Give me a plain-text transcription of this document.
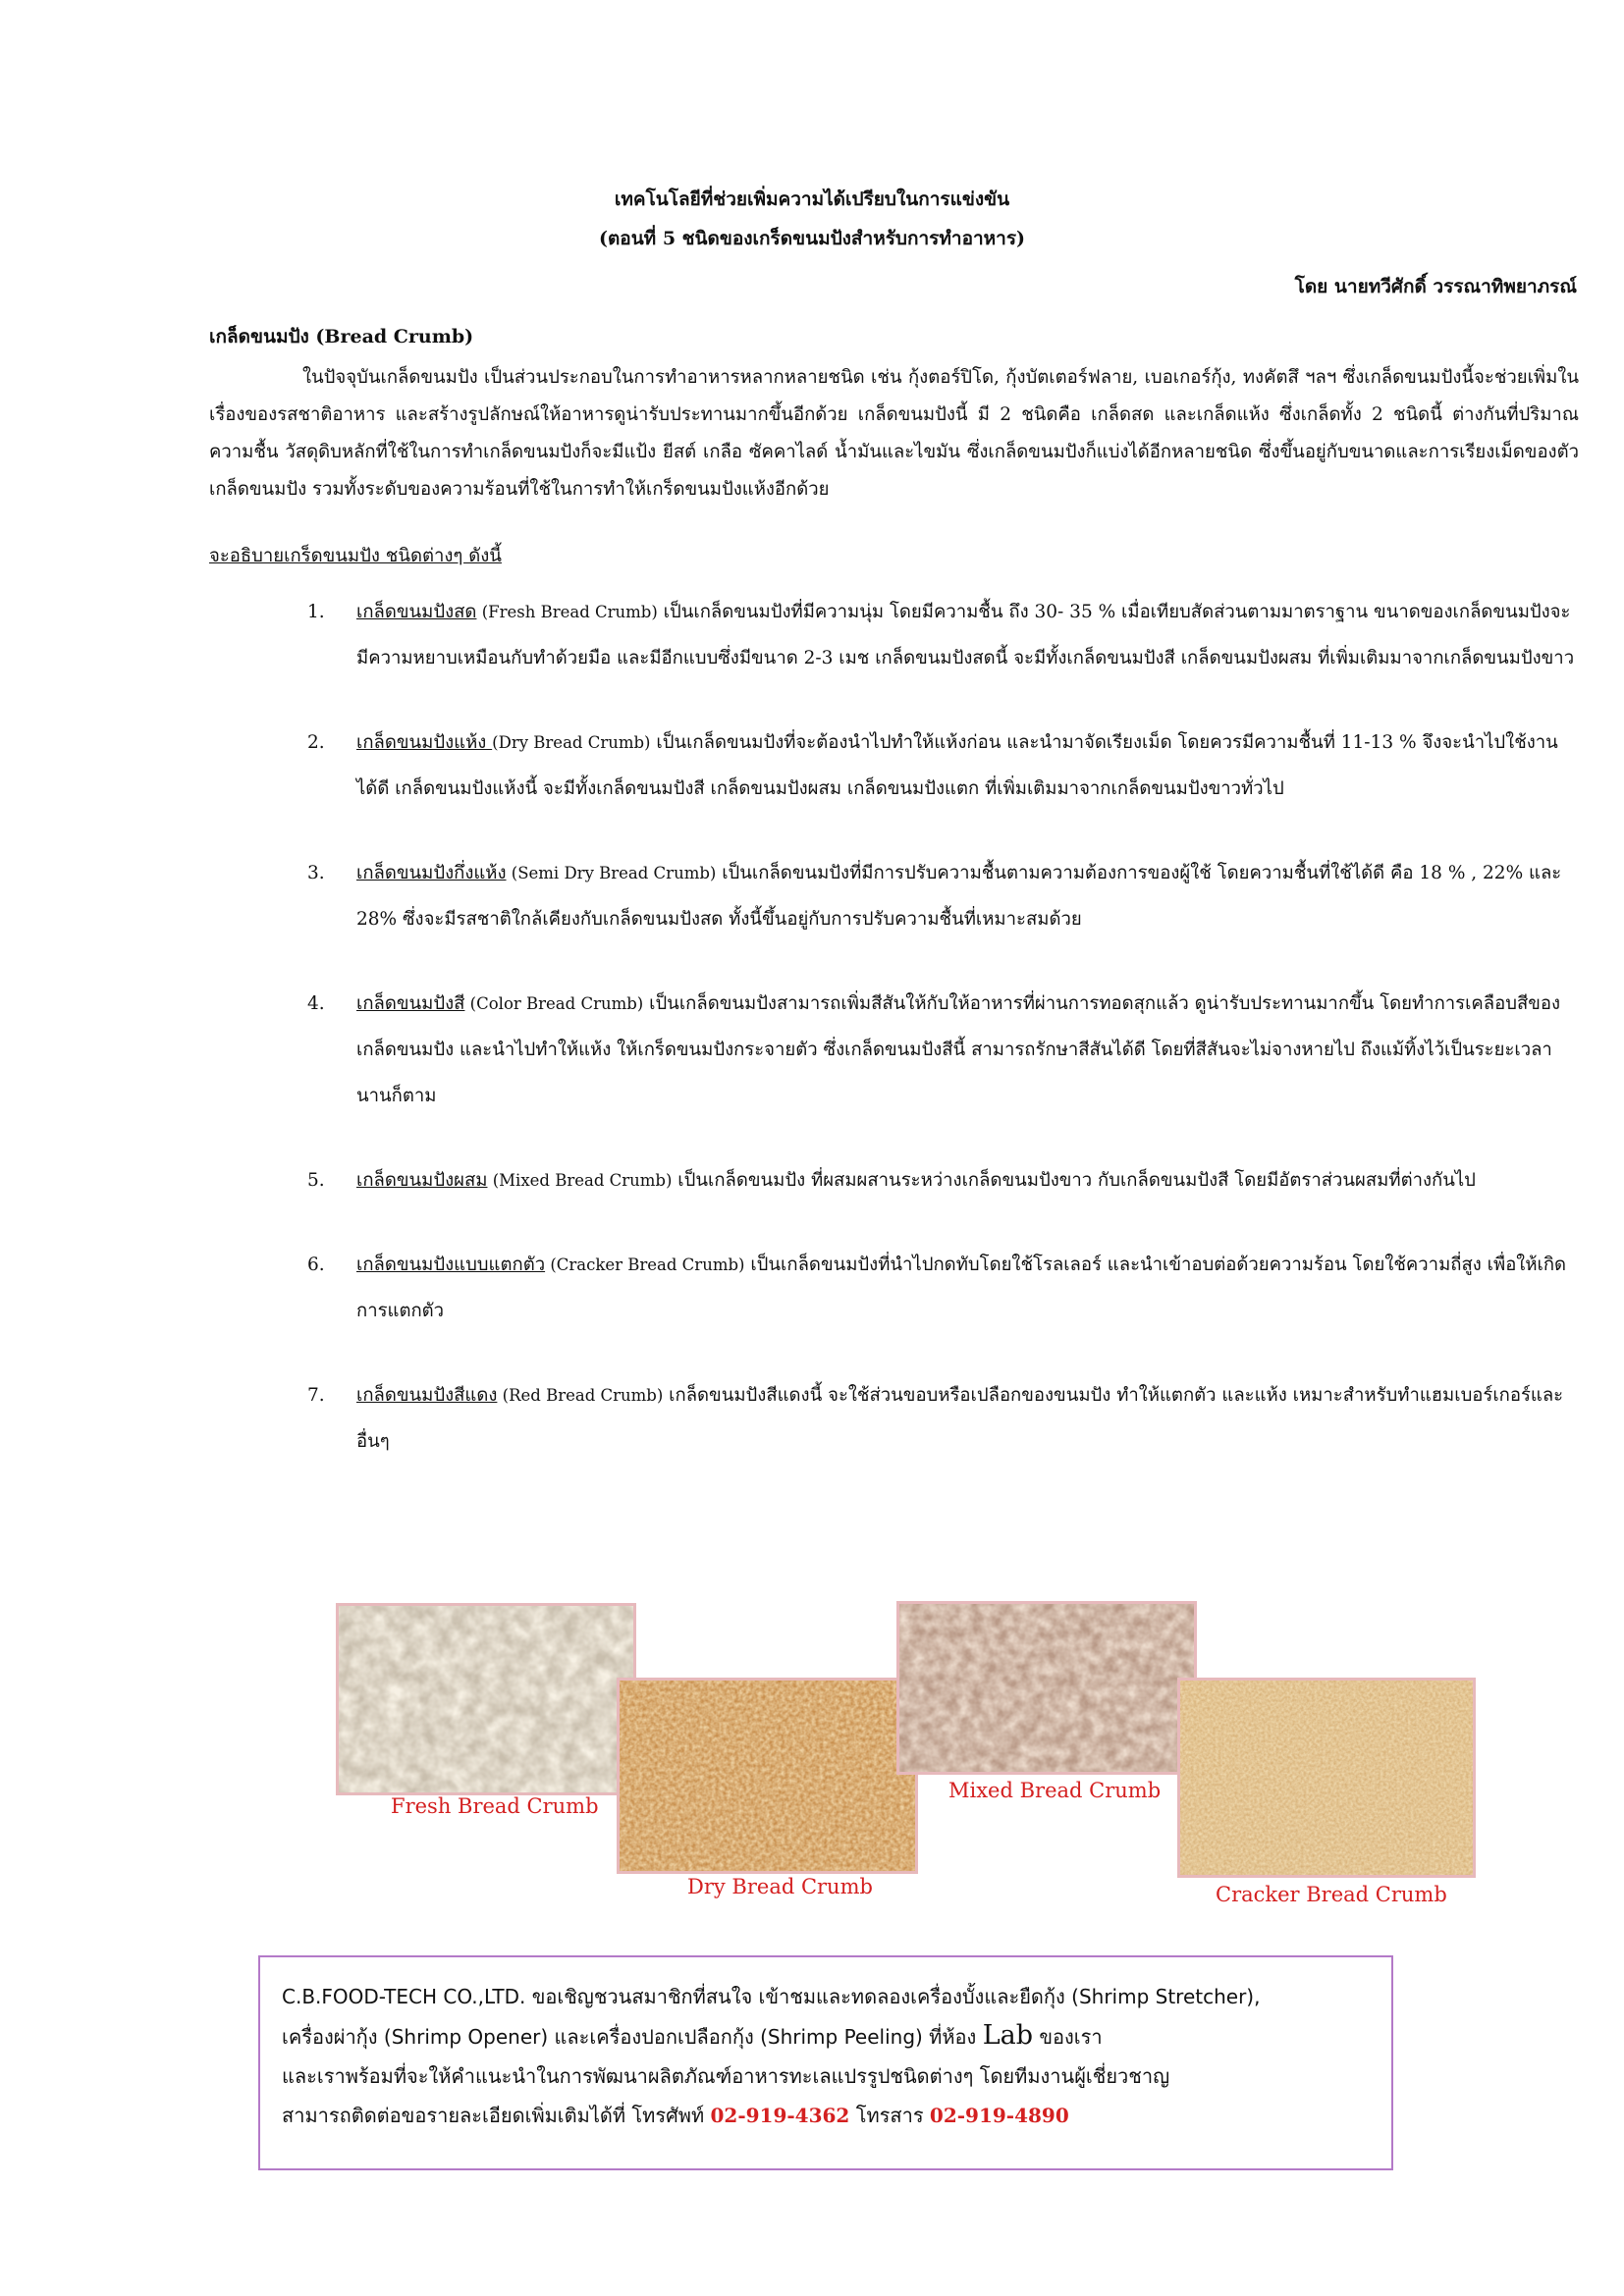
เทคโนโลยีที่ช่วยเพิ่มความได้เปรียบในการแข่งขัน
(ตอนที่ 5 ชนิดของเกร็ดขนมปังสำหรับการทำอาหาร)
โดย นายทวีศักดิ์ วรรณาทิพยาภรณ์
เกล็ดขนมปัง (Bread Crumb)
ในปัจจุบันเกล็ดขนมปัง เป็นส่วนประกอบในการทำอาหารหลากหลายชนิด เช่น กุ้งตอร์ปิโด, กุ้งบัตเตอร์ฟลาย, เบอเกอร์กุ้ง, ทงคัตสึ ฯลฯ ซึ่งเกล็ดขนมปังนี้จะช่วยเพิ่มในเรื่องของรสชาติอาหาร และสร้างรูปลักษณ์ให้อาหารดูน่ารับประทานมากขึ้นอีกด้วย เกล็ดขนมปังนี้ มี 2 ชนิดคือ เกล็ดสด และเกล็ดแห้ง ซึ่งเกล็ดทั้ง 2 ชนิดนี้ ต่างกันที่ปริมาณความชื้น วัสดุดิบหลักที่ใช้ในการทำเกล็ดขนมปังก็จะมีแป้ง ยีสต์ เกลือ ซัคคาไลด์ น้ำมันและไขมัน ซึ่งเกล็ดขนมปังก็แบ่งได้อีกหลายชนิด ซึ่งขึ้นอยู่กับขนาดและการเรียงเม็ดของตัวเกล็ดขนมปัง รวมทั้งระดับของความร้อนที่ใช้ในการทำให้เกร็ดขนมปังแห้งอีกด้วย
จะอธิบายเกร็ดขนมปัง ชนิดต่างๆ ดังนี้
1.	เกล็ดขนมปังสด (Fresh Bread Crumb) เป็นเกล็ดขนมปังที่มีความนุ่ม โดยมีความชื้น ถึง 30- 35 % เมื่อเทียบสัดส่วนตามมาตราฐาน ขนาดของเกล็ดขนมปังจะมีความหยาบเหมือนกับทำด้วยมือ และมีอีกแบบซึ่งมีขนาด 2-3 เมช เกล็ดขนมปังสดนี้ จะมีทั้งเกล็ดขนมปังสี เกล็ดขนมปังผสม ที่เพิ่มเติมมาจากเกล็ดขนมปังขาว
2.	เกล็ดขนมปังแห้ง (Dry Bread Crumb) เป็นเกล็ดขนมปังที่จะต้องนำไปทำให้แห้งก่อน และนำมาจัดเรียงเม็ด โดยควรมีความชื้นที่ 11-13 % จึงจะนำไปใช้งานได้ดี เกล็ดขนมปังแห้งนี้ จะมีทั้งเกล็ดขนมปังสี เกล็ดขนมปังผสม เกล็ดขนมปังแตก ที่เพิ่มเติมมาจากเกล็ดขนมปังขาวทั่วไป
3.	เกล็ดขนมปังกึ่งแห้ง (Semi Dry Bread Crumb) เป็นเกล็ดขนมปังที่มีการปรับความชื้นตามความต้องการของผู้ใช้ โดยความชื้นที่ใช้ได้ดี คือ 18 % , 22% และ 28% ซึ่งจะมีรสชาติใกล้เคียงกับเกล็ดขนมปังสด ทั้งนี้ขึ้นอยู่กับการปรับความชื้นที่เหมาะสมด้วย
4.	เกล็ดขนมปังสี (Color Bread Crumb) เป็นเกล็ดขนมปังสามารถเพิ่มสีสันให้กับให้อาหารที่ผ่านการทอดสุกแล้ว ดูน่ารับประทานมากขึ้น โดยทำการเคลือบสีของเกล็ดขนมปัง และนำไปทำให้แห้ง ให้เกร็ดขนมปังกระจายตัว ซึ่งเกล็ดขนมปังสีนี้ สามารถรักษาสีสันได้ดี โดยที่สีสันจะไม่จางหายไป ถึงแม้ทิ้งไว้เป็นระยะเวลานานก็ตาม
5.	เกล็ดขนมปังผสม (Mixed Bread Crumb) เป็นเกล็ดขนมปัง ที่ผสมผสานระหว่างเกล็ดขนมปังขาว กับเกล็ดขนมปังสี โดยมีอัตราส่วนผสมที่ต่างกันไป
6.	เกล็ดขนมปังแบบแตกตัว (Cracker Bread Crumb) เป็นเกล็ดขนมปังที่นำไปกดทับโดยใช้โรลเลอร์ และนำเข้าอบต่อด้วยความร้อน โดยใช้ความถี่สูง เพื่อให้เกิดการแตกตัว
7.	เกล็ดขนมปังสีแดง (Red Bread Crumb) เกล็ดขนมปังสีแดงนี้ จะใช้ส่วนขอบหรือเปลือกของขนมปัง ทำให้แตกตัว และแห้ง เหมาะสำหรับทำแฮมเบอร์เกอร์และอื่นๆ
Fresh Bread Crumb
Dry Bread Crumb
Mixed Bread Crumb
Cracker Bread Crumb
C.B.FOOD-TECH CO.,LTD. ขอเชิญชวนสมาชิกที่สนใจ เข้าชมและทดลองเครื่องบั้งและยืดกุ้ง (Shrimp Stretcher),
เครื่องผ่ากุ้ง (Shrimp Opener) และเครื่องปอกเปลือกกุ้ง (Shrimp Peeling) ที่ห้อง Lab ของเรา
และเราพร้อมที่จะให้คำแนะนำในการพัฒนาผลิตภัณฑ์อาหารทะเลแปรรูปชนิดต่างๆ โดยทีมงานผู้เชี่ยวชาญ
สามารถติดต่อขอรายละเอียดเพิ่มเติมได้ที่ โทรศัพท์ 02-919-4362 โทรสาร 02-919-4890
